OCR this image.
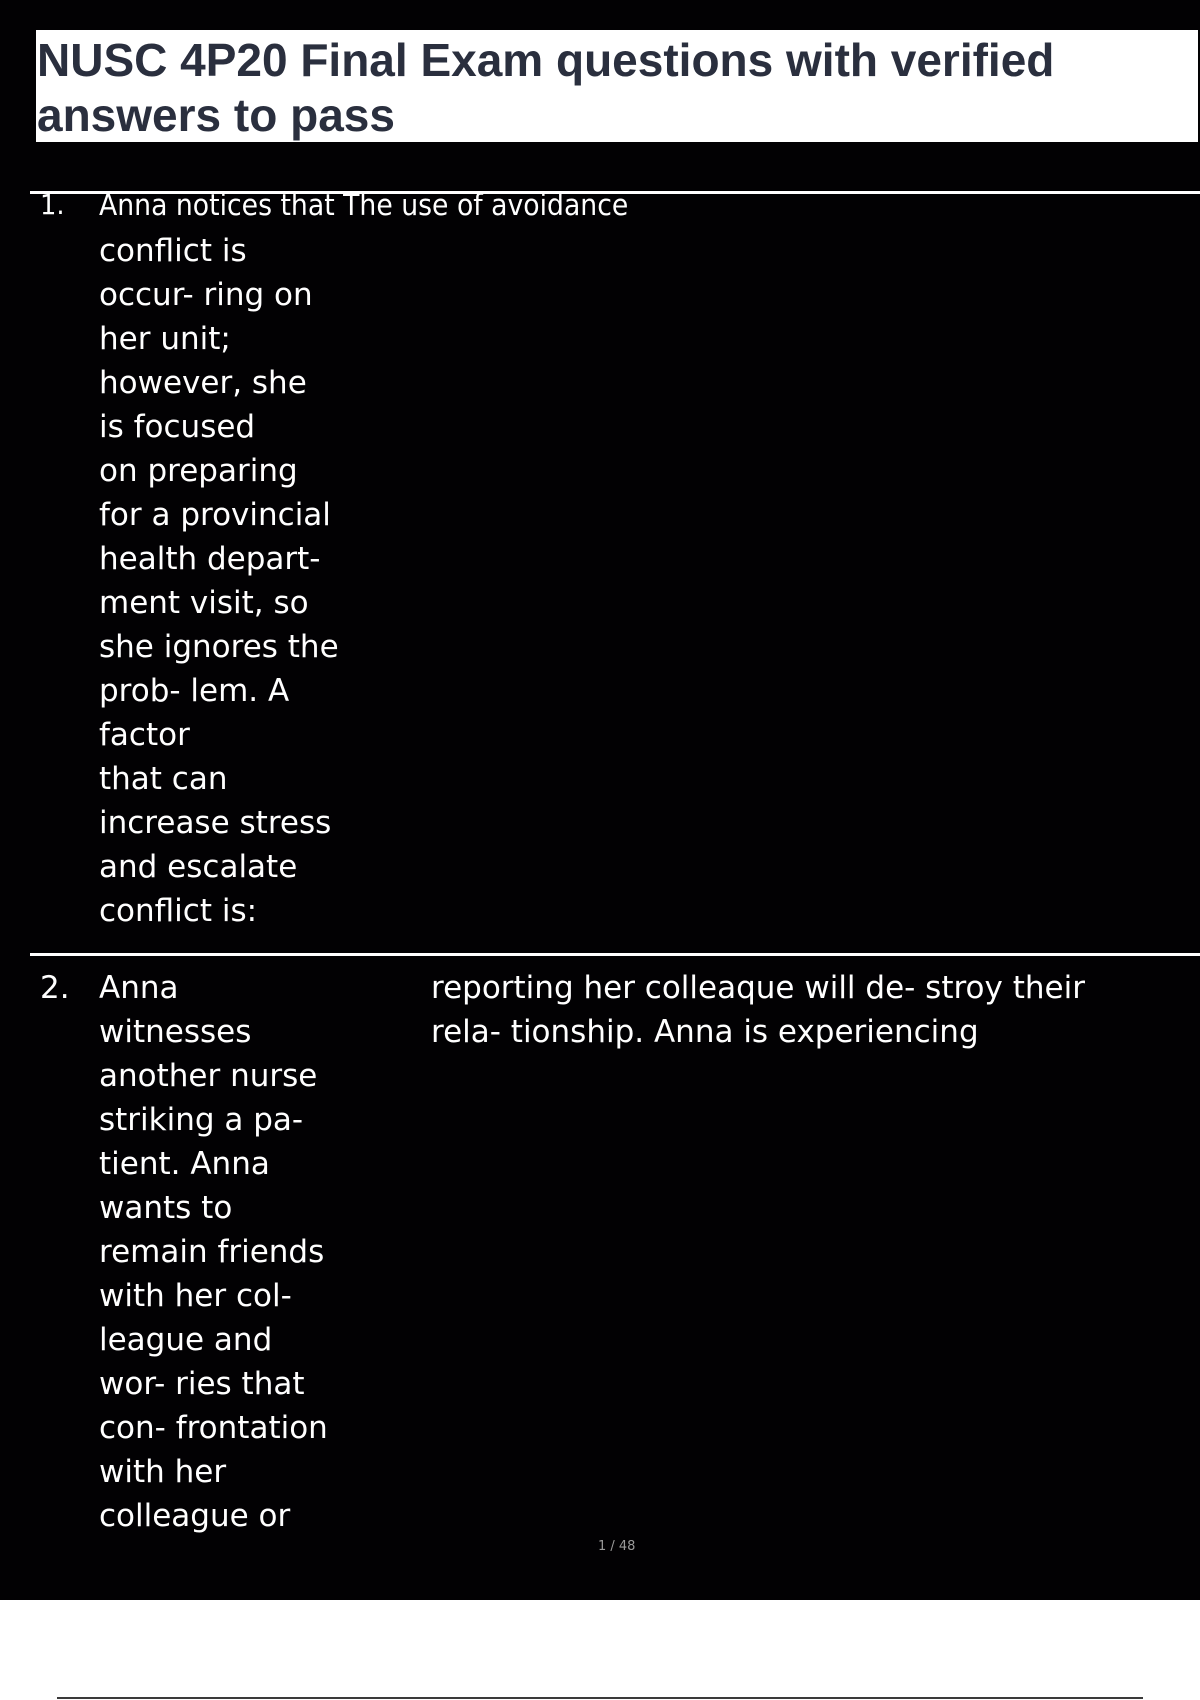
NUSC 4P20 Final Exam questions with verified answers to pass
1. Anna notices that The use of avoidance
conflict is
occur- ring on
her unit;
however, she
is focused
on preparing
for a provincial
health depart-
ment visit, so
she ignores the
prob- lem. A
factor
that can
increase stress
and escalate
conflict is:
2. Anna
witnesses
another nurse
striking a pa-
tient. Anna
wants to
remain friends
with her col-
league and
wor- ries that
con- frontation
with her
colleague or
reporting her colleaque will de- stroy their
rela- tionship. Anna is experiencing
1 / 48
